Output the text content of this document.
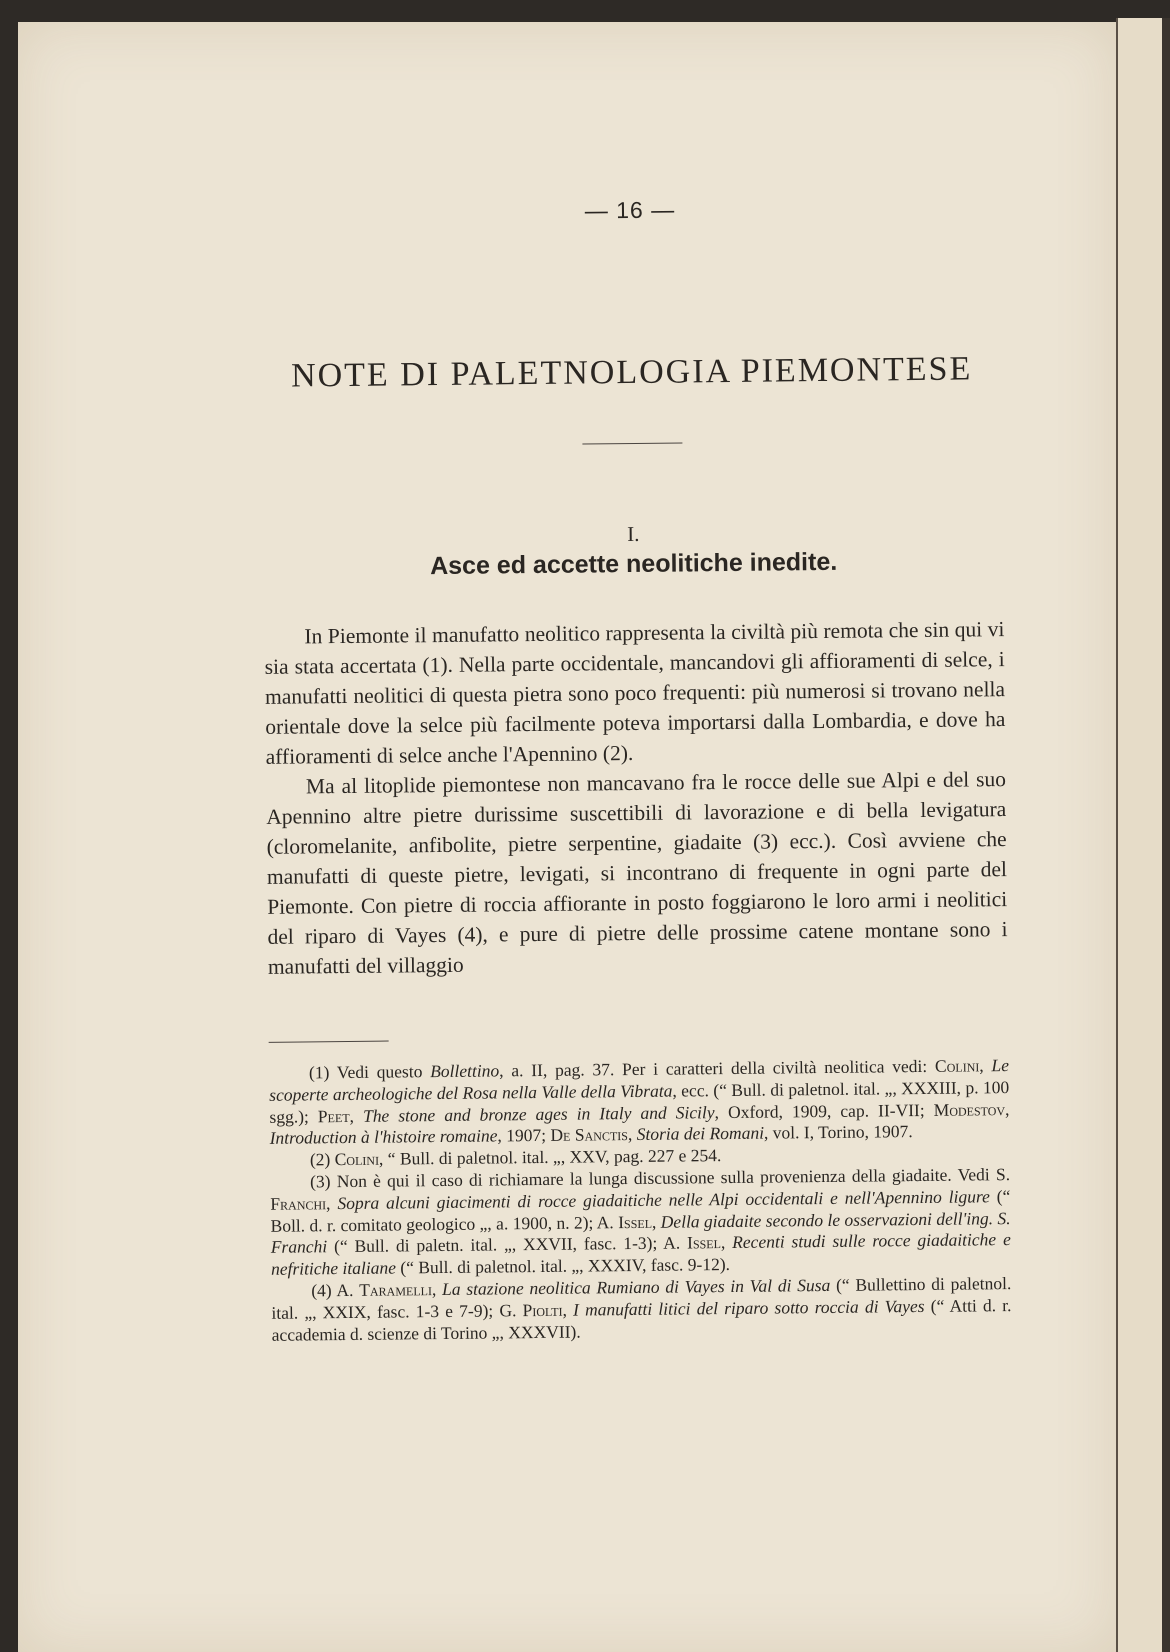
— 16 —
NOTE DI PALETNOLOGIA PIEMONTESE
I.
Asce ed accette neolitiche inedite.

In Piemonte il manufatto neolitico rappresenta la civiltà più remota che sin qui vi sia stata accertata (1). Nella parte occidentale, mancandovi gli affioramenti di selce, i manufatti neolitici di questa pietra sono poco frequenti: più numerosi si trovano nella orientale dove la selce più facilmente poteva importarsi dalla Lombardia, e dove ha affioramenti di selce anche l'Apennino (2).

Ma al litoplide piemontese non mancavano fra le rocce delle sue Alpi e del suo Apennino altre pietre durissime suscettibili di lavorazione e di bella levigatura (cloromelanite, anfibolite, pietre serpentine, giadaite (3) ecc.). Così avviene che manufatti di queste pietre, levigati, si incontrano di frequente in ogni parte del Piemonte. Con pietre di roccia affiorante in posto foggiarono le loro armi i neolitici del riparo di Vayes (4), e pure di pietre delle prossime catene montane sono i manufatti del villaggio

(1) Vedi questo Bollettino, a. II, pag. 37. Per i caratteri della civiltà neolitica vedi: Colini, Le scoperte archeologiche del Rosa nella Valle della Vibrata, ecc. (“ Bull. di paletnol. ital. „, XXXIII, p. 100 sgg.); Peet, The stone and bronze ages in Italy and Sicily, Oxford, 1909, cap. II-VII; Modestov, Introduction à l'histoire romaine, 1907; De Sanctis, Storia dei Romani, vol. I, Torino, 1907.

(2) Colini, “ Bull. di paletnol. ital. „, XXV, pag. 227 e 254.

(3) Non è qui il caso di richiamare la lunga discussione sulla provenienza della giadaite. Vedi S. Franchi, Sopra alcuni giacimenti di rocce giadaitiche nelle Alpi occidentali e nell'Apennino ligure (“ Boll. d. r. comitato geologico „, a. 1900, n. 2); A. Issel, Della giadaite secondo le osservazioni dell'ing. S. Franchi (“ Bull. di paletn. ital. „, XXVII, fasc. 1-3); A. Issel, Recenti studi sulle rocce giadaitiche e nefritiche italiane (“ Bull. di paletnol. ital. „, XXXIV, fasc. 9-12).

(4) A. Taramelli, La stazione neolitica Rumiano di Vayes in Val di Susa (“ Bullettino di paletnol. ital. „, XXIX, fasc. 1-3 e 7-9); G. Piolti, I manufatti litici del riparo sotto roccia di Vayes (“ Atti d. r. accademia d. scienze di Torino „, XXXVII).
